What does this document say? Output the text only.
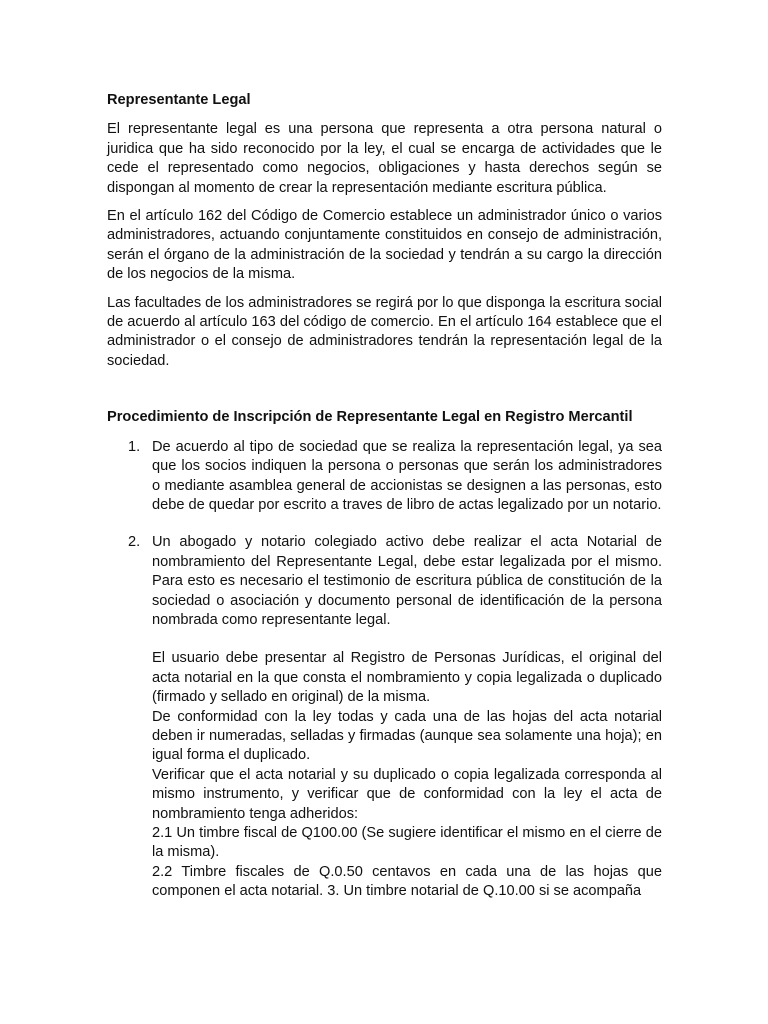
Representante Legal

El representante legal es una persona que representa a otra persona natural o juridica que ha sido reconocido por la ley, el cual se encarga de actividades que le cede el representado como negocios, obligaciones y hasta derechos según se dispongan al momento de crear la representación mediante escritura pública.

En el artículo 162 del Código de Comercio establece un administrador único o varios administradores, actuando conjuntamente constituidos en consejo de administración, serán el órgano de la administración de la sociedad y tendrán a su cargo la dirección de los negocios de la misma.

Las facultades de los administradores se regirá por lo que disponga la escritura social de acuerdo al artículo 163 del código de comercio. En el artículo 164 establece que el administrador o el consejo de administradores tendrán la representación legal de la sociedad.

Procedimiento de Inscripción de Representante Legal en Registro Mercantil
1. De acuerdo al tipo de sociedad que se realiza la representación legal, ya sea que los socios indiquen la persona o personas que serán los administradores o mediante asamblea general de accionistas se designen a las personas, esto debe de quedar por escrito a traves de libro de actas legalizado por un notario.

2. Un abogado y notario colegiado activo debe realizar el acta Notarial de nombramiento del Representante Legal, debe estar legalizada por el mismo. Para esto es necesario el testimonio de escritura pública de constitución de la sociedad o asociación y documento personal de identificación de la persona nombrada como representante legal.

El usuario debe presentar al Registro de Personas Jurídicas, el original del acta notarial en la que consta el nombramiento y copia legalizada o duplicado (firmado y sellado en original) de la misma.
De conformidad con la ley todas y cada una de las hojas del acta notarial deben ir numeradas, selladas y firmadas (aunque sea solamente una hoja); en igual forma el duplicado.
Verificar que el acta notarial y su duplicado o copia legalizada corresponda al mismo instrumento, y verificar que de conformidad con la ley el acta de nombramiento tenga adheridos:
2.1 Un timbre fiscal de Q100.00 (Se sugiere identificar el mismo en el cierre de la misma).
2.2 Timbre fiscales de Q.0.50 centavos en cada una de las hojas que componen el acta notarial. 3. Un timbre notarial de Q.10.00 si se acompaña
